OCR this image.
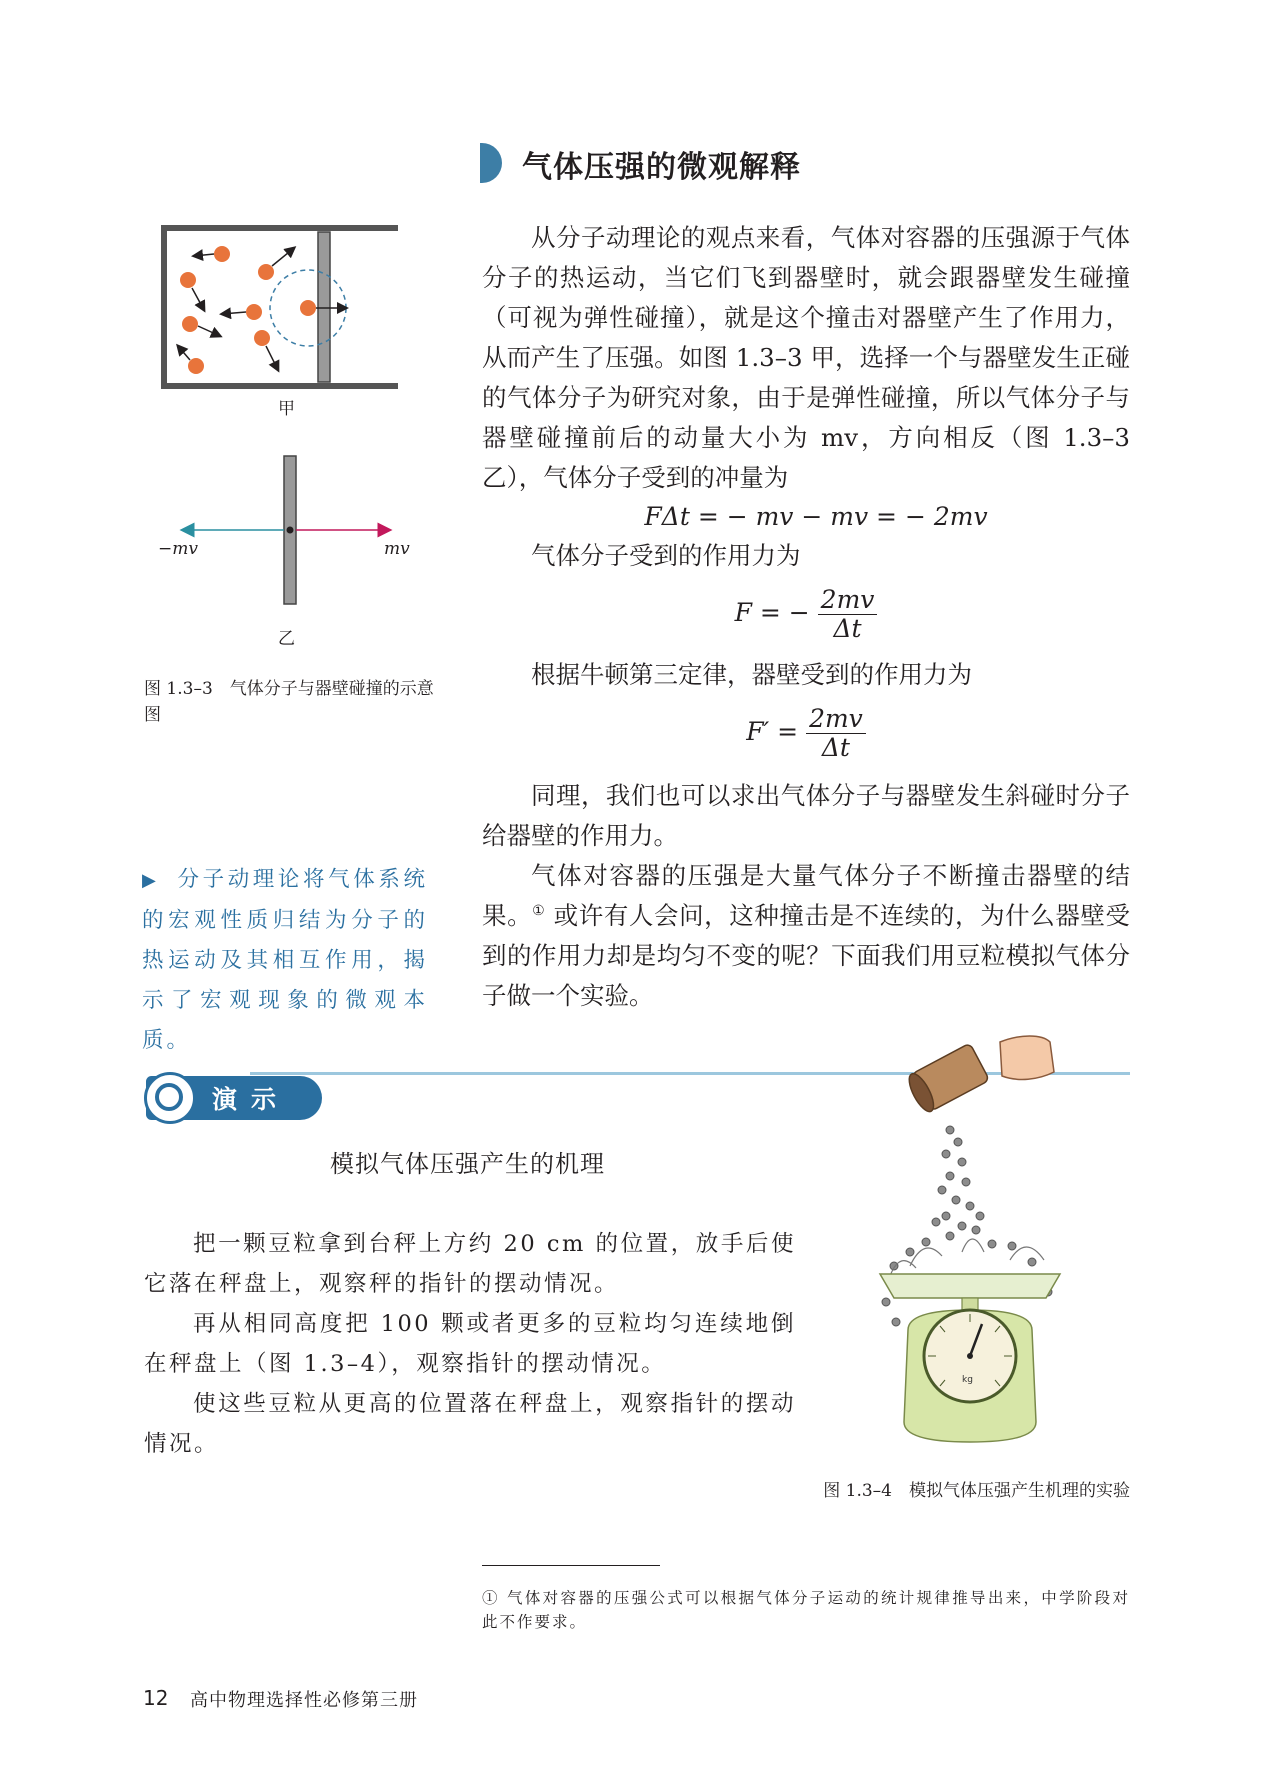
气体压强的微观解释
甲
−mv	mv
乙
图 1.3–3　气体分子与器壁碰撞的示意图
▶ 分子动理论将气体系统的宏观性质归结为分子的热运动及其相互作用，揭示了宏观现象的微观本质。

从分子动理论的观点来看，气体对容器的压强源于气体分子的热运动，当它们飞到器壁时，就会跟器壁发生碰撞（可视为弹性碰撞），就是这个撞击对器壁产生了作用力，从而产生了压强。如图 1.3–3 甲，选择一个与器壁发生正碰的气体分子为研究对象，由于是弹性碰撞，所以气体分子与器壁碰撞前后的动量大小为 mv，方向相反（图 1.3–3 乙），气体分子受到的冲量为

FΔt = − mv − mv = − 2mv

气体分子受到的作用力为

F = − $\frac{2mv}{\Delta t}$

根据牛顿第三定律，器壁受到的作用力为

$F' = \frac{2mv}{\Delta t}$

同理，我们也可以求出气体分子与器壁发生斜碰时分子给器壁的作用力。

气体对容器的压强是大量气体分子不断撞击器壁的结果。① 或许有人会问，这种撞击是不连续的，为什么器壁受到的作用力却是均匀不变的呢？下面我们用豆粒模拟气体分子做一个实验。

演示
模拟气体压强产生的机理

把一颗豆粒拿到台秤上方约 20 cm 的位置，放手后使它落在秤盘上，观察秤的指针的摆动情况。

再从相同高度把 100 颗或者更多的豆粒均匀连续地倒在秤盘上（图 1.3–4），观察指针的摆动情况。

使这些豆粒从更高的位置落在秤盘上，观察指针的摆动情况。

kg
图 1.3–4　模拟气体压强产生机理的实验
① 气体对容器的压强公式可以根据气体分子运动的统计规律推导出来，中学阶段对此不作要求。
12 高中物理选择性必修第三册
